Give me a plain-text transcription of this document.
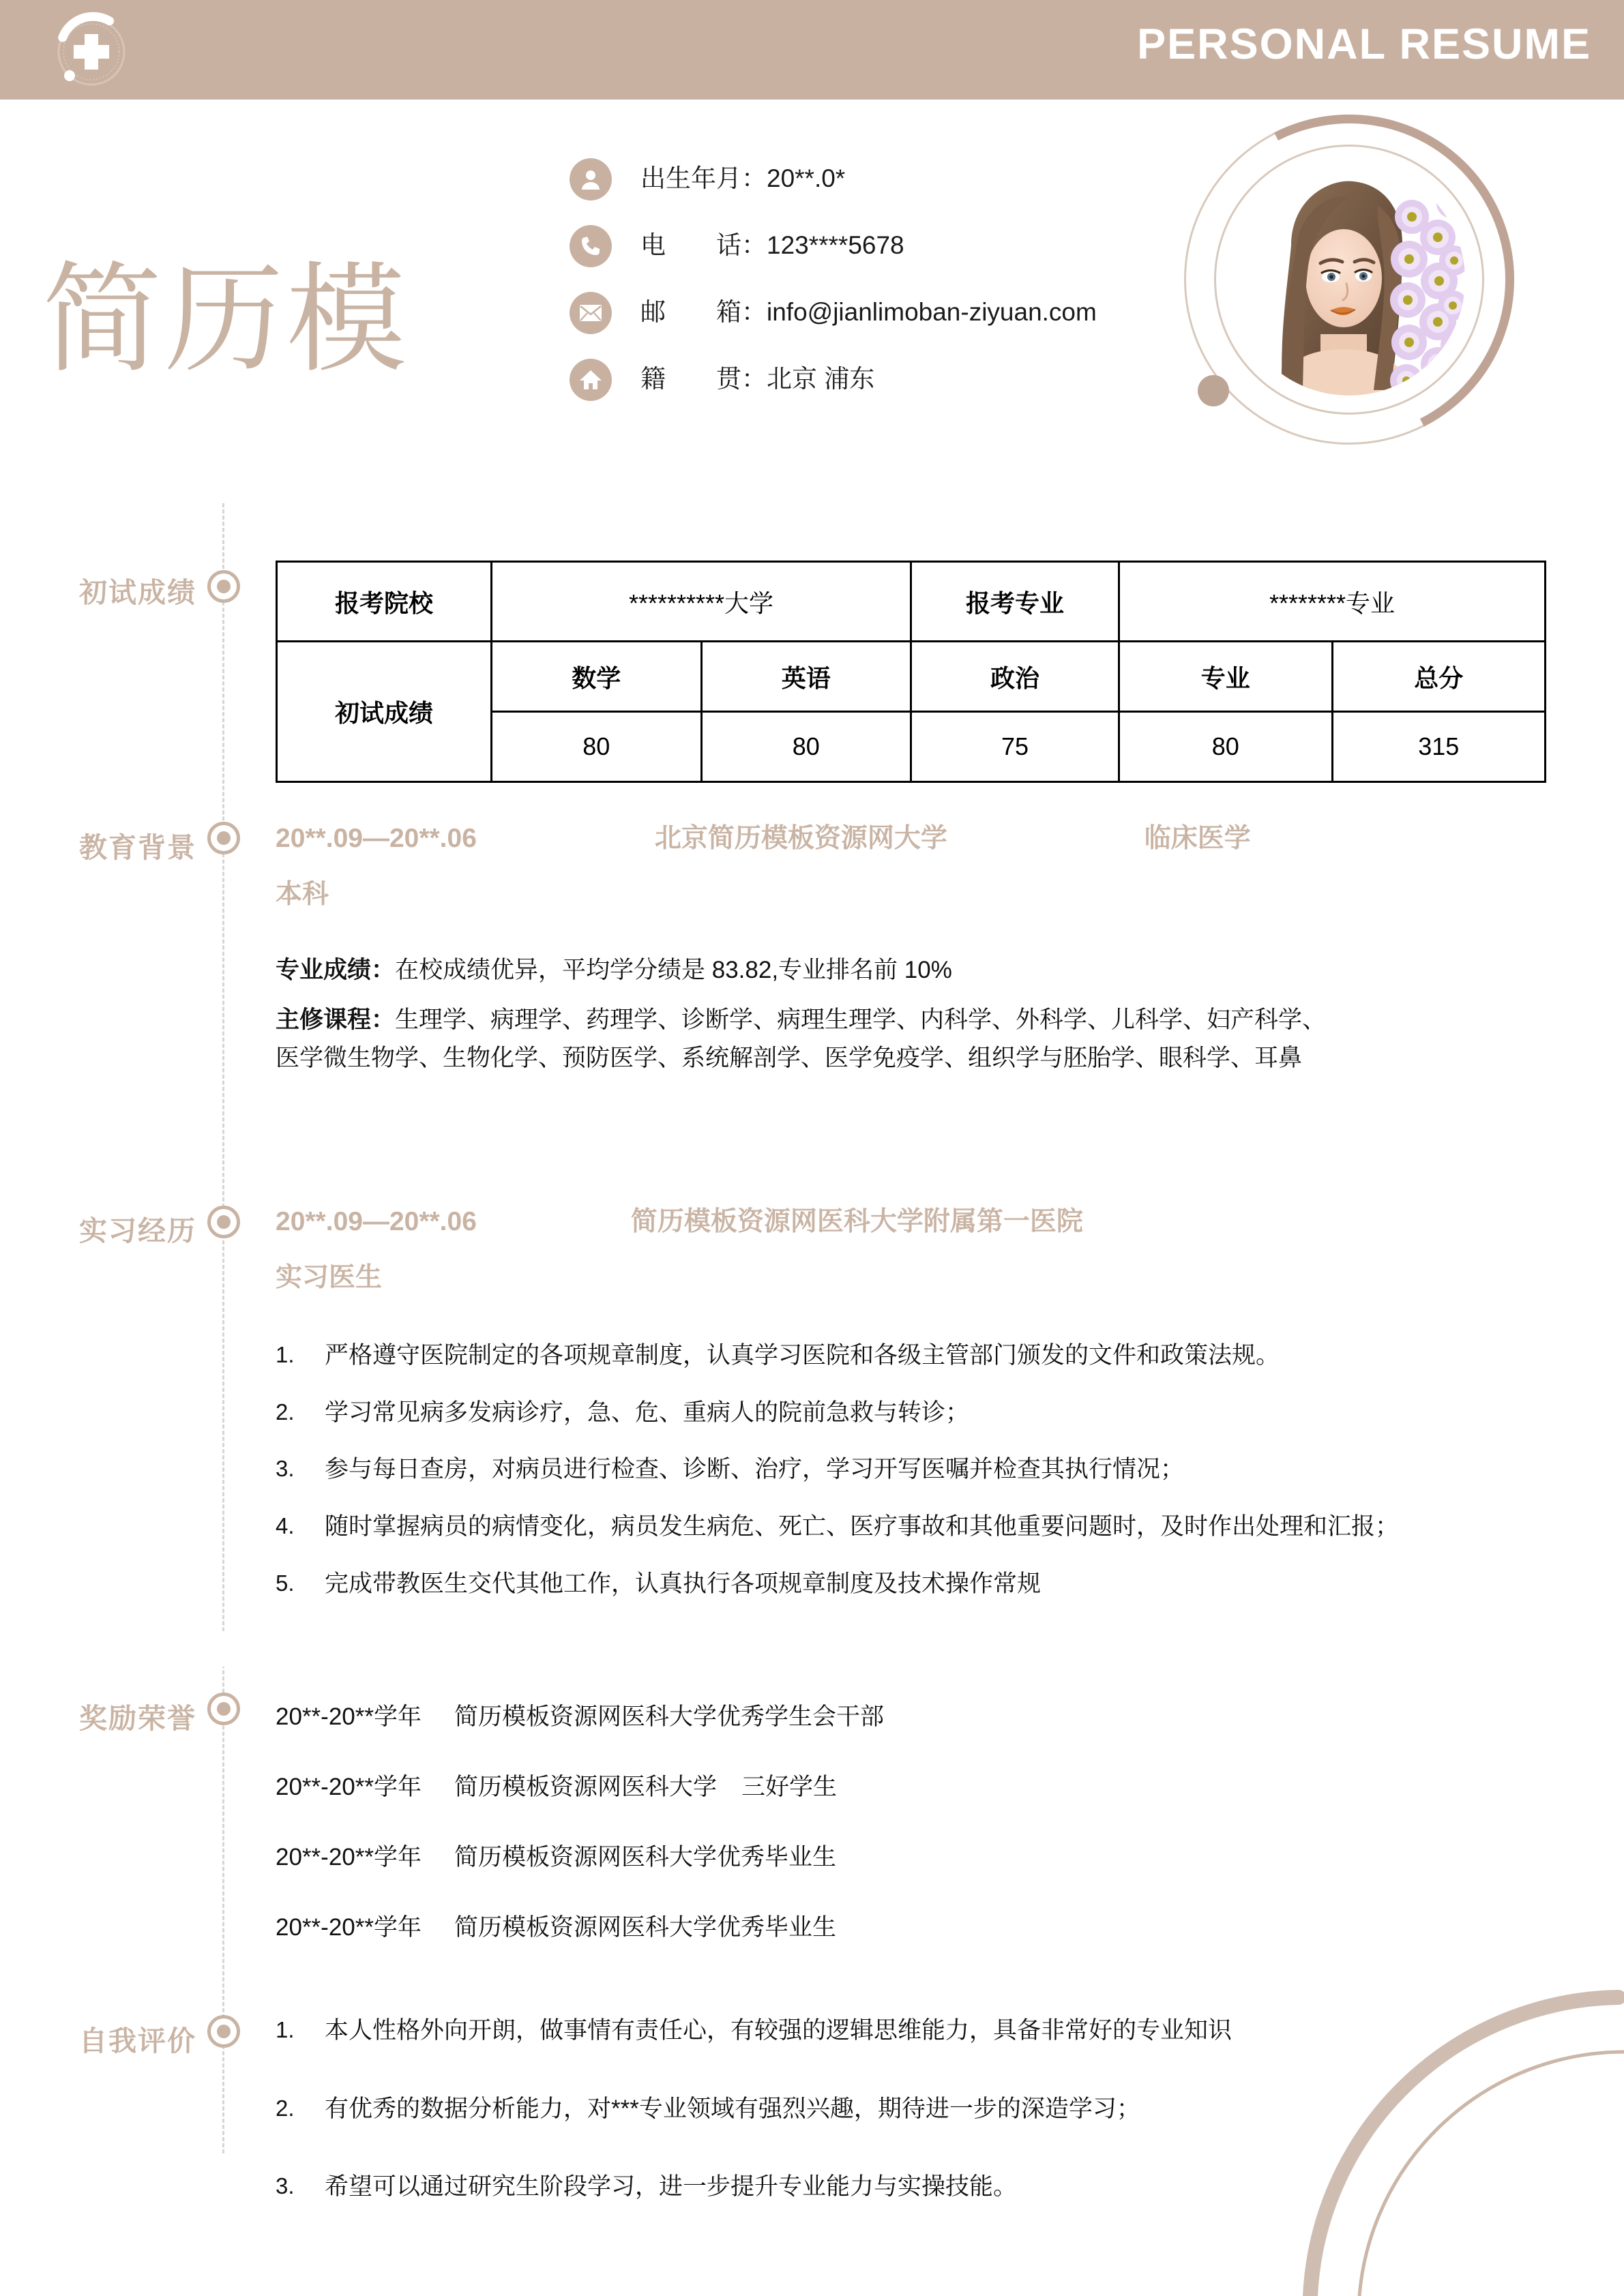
PERSONAL RESUME
简历模
出生年月：20**.0*
电　　话：123****5678
邮　　箱：info@jianlimoban-ziyuan.com
籍　　贯：北京 浦东
初试成绩	报考院校	**********大学		报考专业	********专业	
初试成绩	数学	英语	政治	专业	总分
	80	80	75	80	315
教育背景	20**.09—20**.06	北京简历模板资源网大学	临床医学
本科
专业成绩：在校成绩优异，平均学分绩是 83.82,专业排名前 10%
主修课程：生理学、病理学、药理学、诊断学、病理生理学、内科学、外科学、儿科学、妇产科学、
医学微生物学、生物化学、预防医学、系统解剖学、医学免疫学、组织学与胚胎学、眼科学、耳鼻
实习经历	20**.09—20**.06	简历模板资源网医科大学附属第一医院
实习医生
1.	严格遵守医院制定的各项规章制度，认真学习医院和各级主管部门颁发的文件和政策法规。
2.	学习常见病多发病诊疗，急、危、重病人的院前急救与转诊；
3.	参与每日查房，对病员进行检查、诊断、治疗，学习开写医嘱并检查其执行情况；
4.	随时掌握病员的病情变化，病员发生病危、死亡、医疗事故和其他重要问题时，及时作出处理和汇报；
5.	完成带教医生交代其他工作，认真执行各项规章制度及技术操作常规
奖励荣誉	20**-20**学年	简历模板资源网医科大学 优秀学生会干部
20**-20**学年	简历模板资源网医科大学	三好学生
20**-20**学年	简历模板资源网医科大学 优秀毕业生
20**-20**学年	简历模板资源网医科大学 优秀毕业生
自我评价	1.	本人性格外向开朗，做事情有责任心，有较强的逻辑思维能力，具备非常好的专业知识
2.	有优秀的数据分析能力，对***专业领域有强烈兴趣，期待进一步的深造学习；
3.	希望可以通过研究生阶段学习，进一步提升专业能力与实操技能。
